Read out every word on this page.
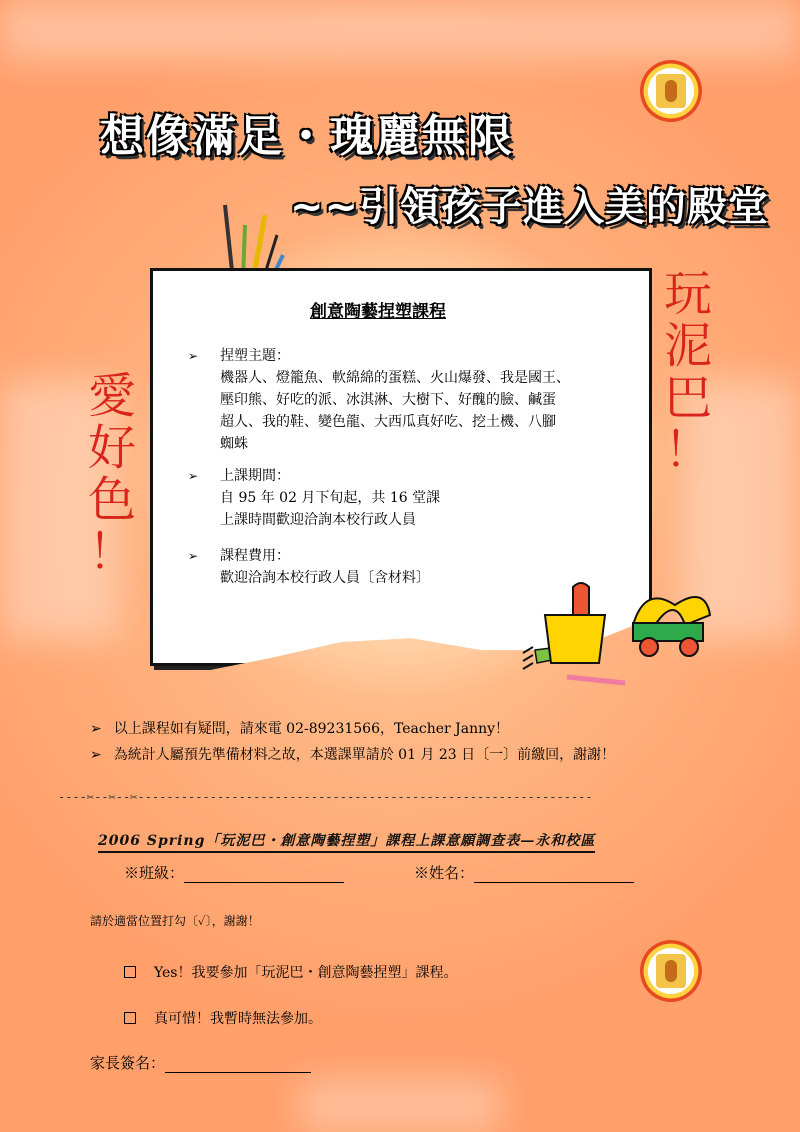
想像滿足・瑰麗無限
~~引領孩子進入美的殿堂
創意陶藝捏塑課程
➢	捏塑主題：
機器人、燈籠魚、軟綿綿的蛋糕、火山爆發、我是國王、
壓印熊、好吃的派、冰淇淋、大樹下、好醜的臉、鹹蛋
超人、我的鞋、變色龍、大西瓜真好吃、挖土機、八腳
蜘蛛
➢	上課期間：
自 95 年 02 月下旬起，共 16 堂課
上課時間歡迎洽詢本校行政人員
➢	課程費用：
歡迎洽詢本校行政人員〔含材料〕
愛
好
色
！
玩
泥
巴
！
➢ 以上課程如有疑問，請來電 02-89231566，Teacher Janny！
➢ 為統計人屬預先準備材料之故，本選課單請於 01 月 23 日〔一〕前繳回，謝謝！
----✂--✂--✂---------------------------------------------------------------
2006 Spring「玩泥巴・創意陶藝捏塑」課程上課意願調查表—永和校區
※班級：	※姓名：
請於適當位置打勾〔✓〕，謝謝！
Yes！我要參加「玩泥巴・創意陶藝捏塑」課程。
真可惜！我暫時無法參加。
家長簽名：
